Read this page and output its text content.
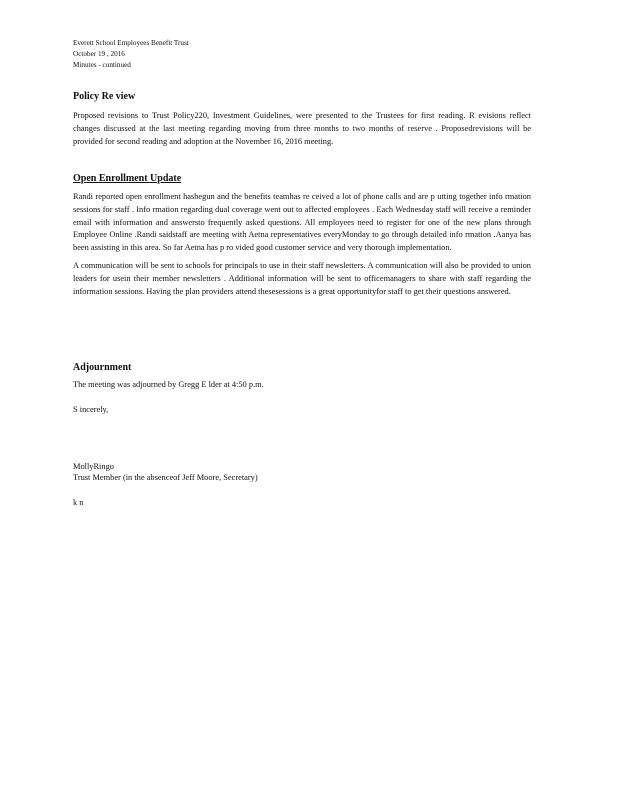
Everett School Employees Benefit Trust
October 19 , 2016
Minutes - continued

Policy Re view

Proposed revisions to Trust Policy220, Investment Guidelines, were presented to the Trustees for first reading. R evisions reflect changes discussed at the last meeting regarding moving from three months to two months of reserve . Proposedrevisions will be provided for second reading and adoption at the November 16, 2016 meeting.

Open Enrollment Update

Randi reported open enrollment hasbegun and the benefits teamhas re ceived a lot of phone calls and are p utting together info rmation sessions for staff . Info rmation regarding dual coverage went out to affected employees . Each Wednesday staff will receive a reminder email with information and answersto frequently asked questions. All employees need to register for one of the new plans through Employee Online .Randi saidstaff are meeting with Aetna representatives everyMonday to go through detailed info rmation .Aanya has been assisting in this area. So far Aetna has p ro vided good customer service and very thorough implementation.

A communication will be sent to schools for principals to use in their staff newsletters. A communication will also be provided to union leaders for usein their member newsletters . Additional information will be sent to officemanagers to share with staff regarding the information sessions. Having the plan providers attend thesesessions is a great opportunityfor staff to get their questions answered.

Adjournment

The meeting was adjourned by Gregg E lder at 4:50 p.m.

S incerely,
MollyRingo
Trust Member (in the absenceof Jeff Moore, Secretary)
k n
